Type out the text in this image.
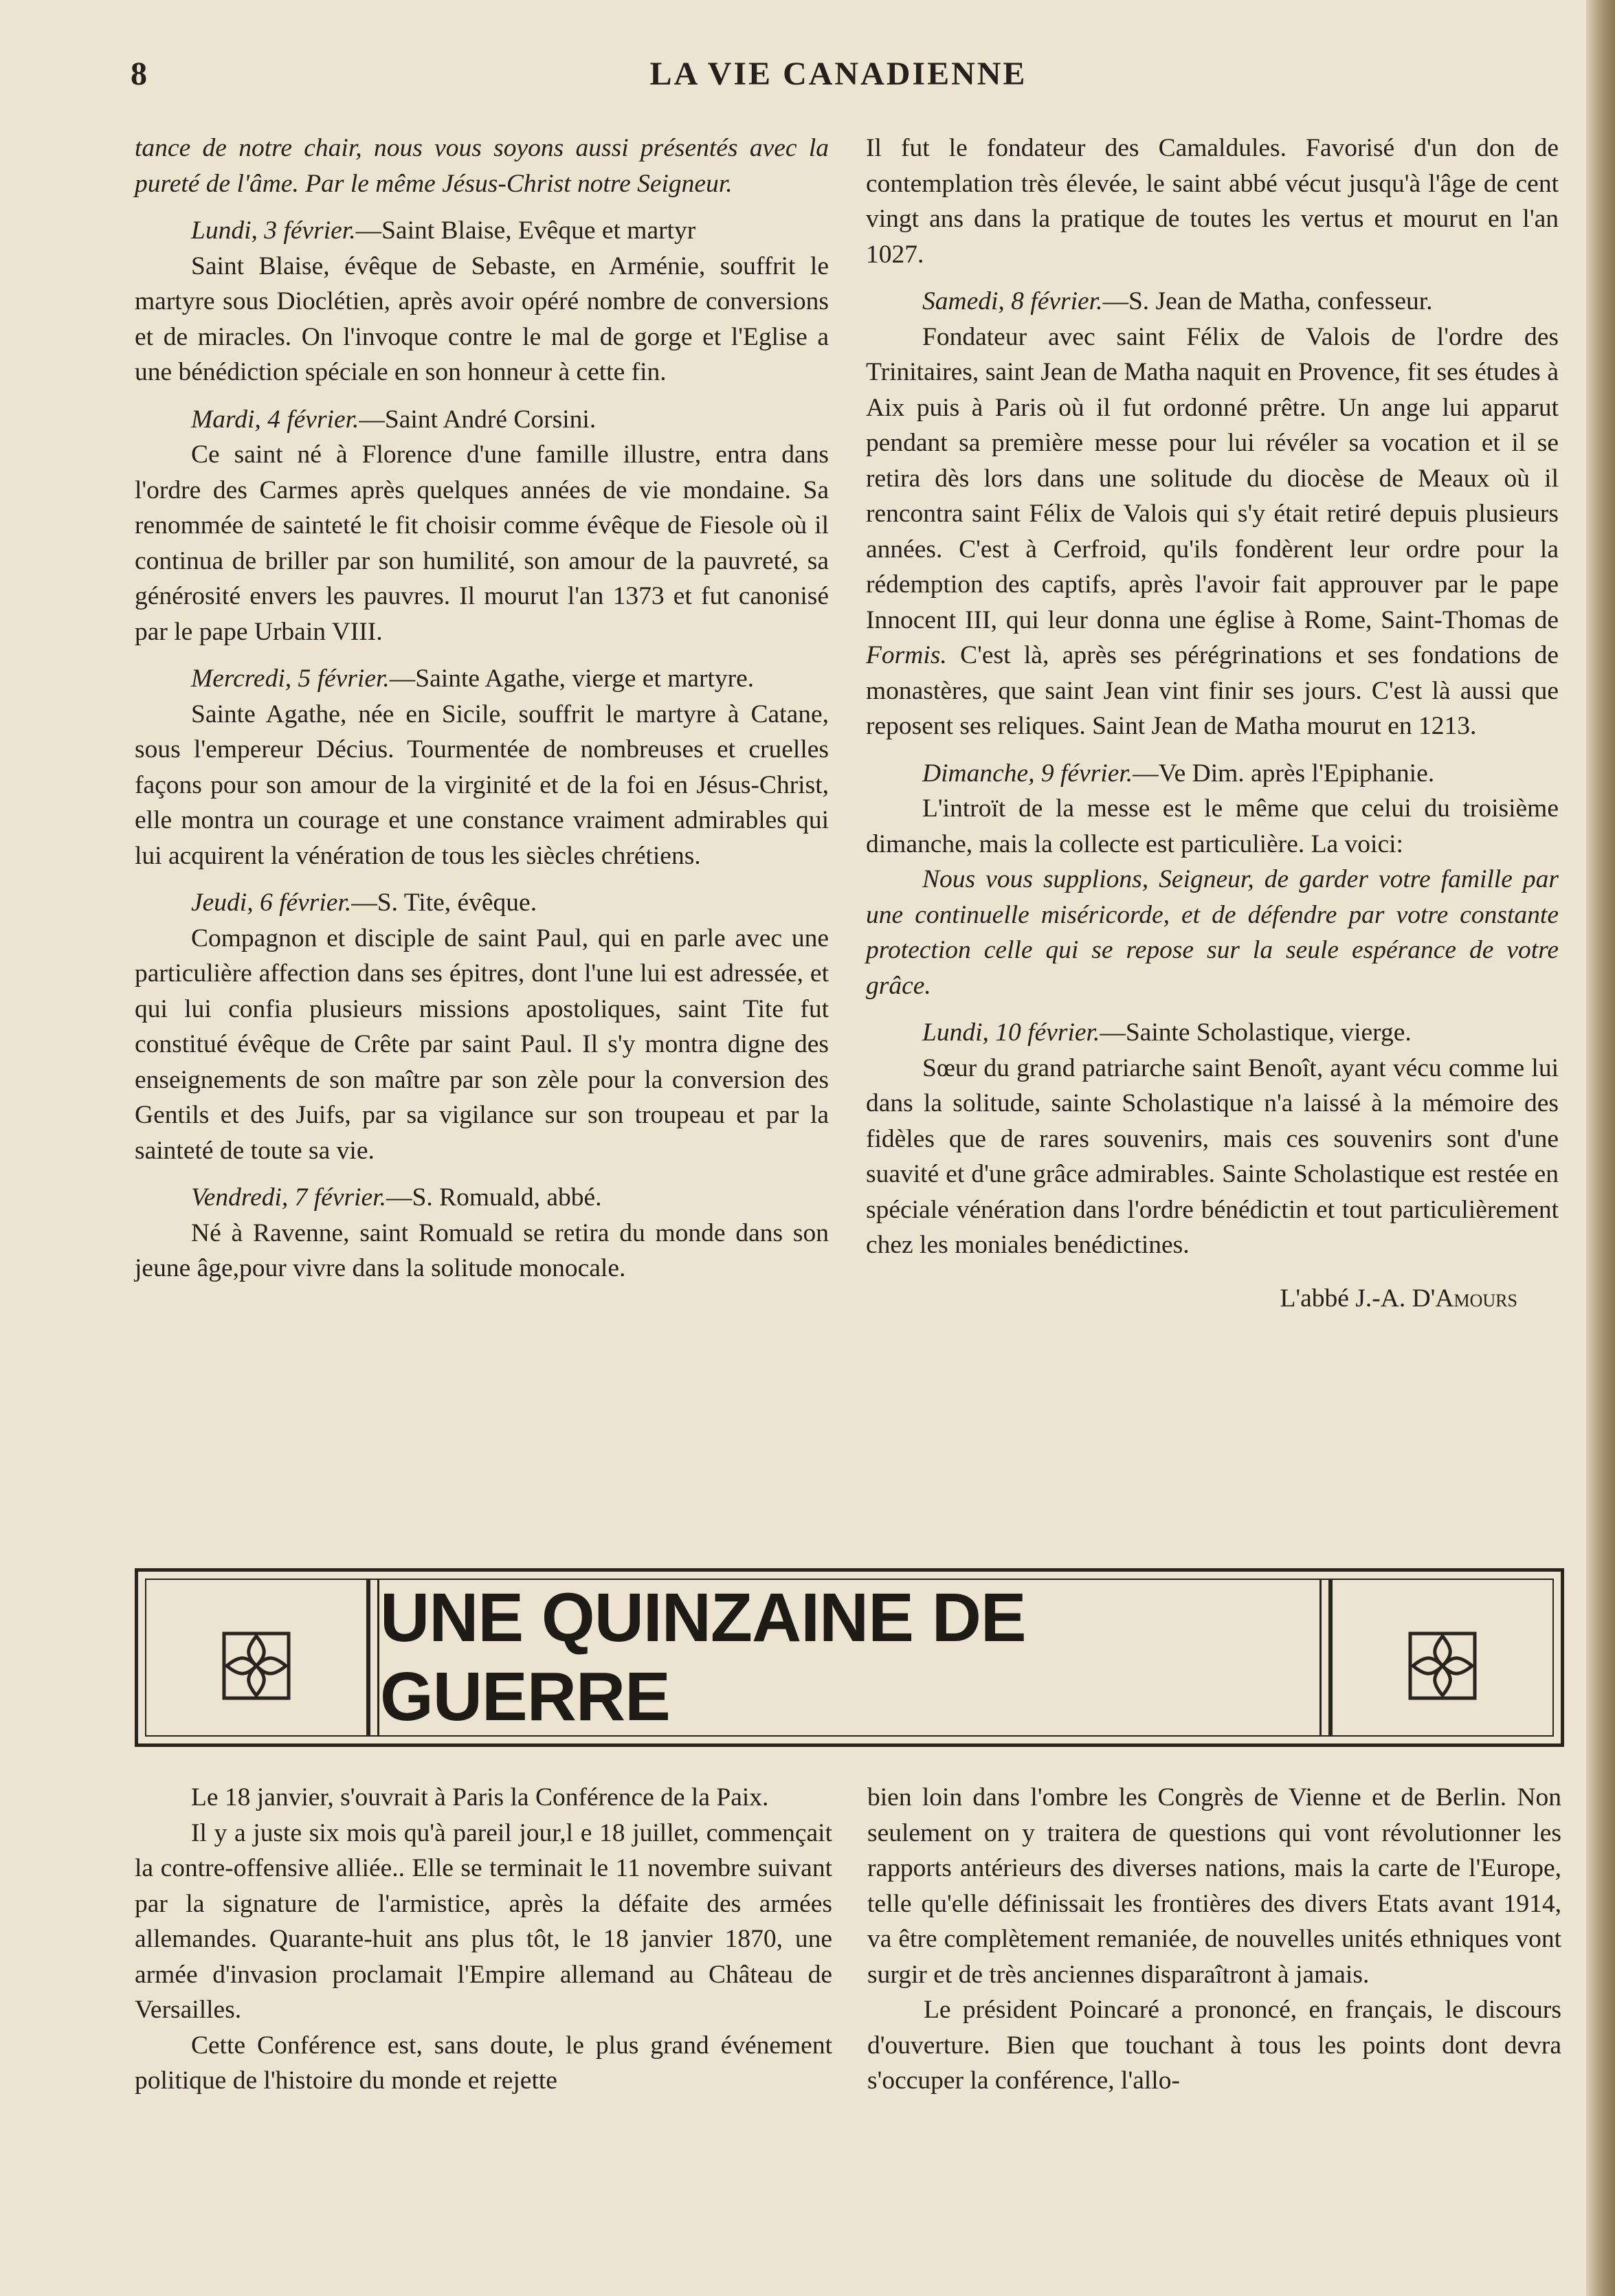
8	LA VIE CANADIENNE

tance de notre chair, nous vous soyons aussi présentés avec la pureté de l'âme. Par le même Jésus-Christ notre Seigneur.

Lundi, 3 février.—Saint Blaise, Evêque et martyr

Saint Blaise, évêque de Sebaste, en Arménie, souffrit le martyre sous Dioclétien, après avoir opéré nombre de conversions et de miracles. On l'invoque contre le mal de gorge et l'Eglise a une bénédiction spéciale en son honneur à cette fin.

Mardi, 4 février.—Saint André Corsini.

Ce saint né à Florence d'une famille illustre, entra dans l'ordre des Carmes après quelques années de vie mondaine. Sa renommée de sainteté le fit choisir comme évêque de Fiesole où il continua de briller par son humilité, son amour de la pauvreté, sa générosité envers les pauvres. Il mourut l'an 1373 et fut canonisé par le pape Urbain VIII.

Mercredi, 5 février.—Sainte Agathe, vierge et martyre.

Sainte Agathe, née en Sicile, souffrit le martyre à Catane, sous l'empereur Décius. Tourmentée de nombreuses et cruelles façons pour son amour de la virginité et de la foi en Jésus-Christ, elle montra un courage et une constance vraiment admirables qui lui acquirent la vénération de tous les siècles chrétiens.

Jeudi, 6 février.—S. Tite, évêque.

Compagnon et disciple de saint Paul, qui en parle avec une particulière affection dans ses épitres, dont l'une lui est adressée, et qui lui confia plusieurs missions apostoliques, saint Tite fut constitué évêque de Crête par saint Paul. Il s'y montra digne des enseignements de son maître par son zèle pour la conversion des Gentils et des Juifs, par sa vigilance sur son troupeau et par la sainteté de toute sa vie.

Vendredi, 7 février.—S. Romuald, abbé.

Né à Ravenne, saint Romuald se retira du monde dans son jeune âge,pour vivre dans la solitude monocale.

Il fut le fondateur des Camaldules. Favorisé d'un don de contemplation très élevée, le saint abbé vécut jusqu'à l'âge de cent vingt ans dans la pratique de toutes les vertus et mourut en l'an 1027.

Samedi, 8 février.—S. Jean de Matha, confesseur.

Fondateur avec saint Félix de Valois de l'ordre des Trinitaires, saint Jean de Matha naquit en Provence, fit ses études à Aix puis à Paris où il fut ordonné prêtre. Un ange lui apparut pendant sa première messe pour lui révéler sa vocation et il se retira dès lors dans une solitude du diocèse de Meaux où il rencontra saint Félix de Valois qui s'y était retiré depuis plusieurs années. C'est à Cerfroid, qu'ils fondèrent leur ordre pour la rédemption des captifs, après l'avoir fait approuver par le pape Innocent III, qui leur donna une église à Rome, Saint-Thomas de Formis. C'est là, après ses pérégrinations et ses fondations de monastères, que saint Jean vint finir ses jours. C'est là aussi que reposent ses reliques. Saint Jean de Matha mourut en 1213.

Dimanche, 9 février.—Ve Dim. après l'Epiphanie.

L'introït de la messe est le même que celui du troisième dimanche, mais la collecte est particulière. La voici:

Nous vous supplions, Seigneur, de garder votre famille par une continuelle miséricorde, et de défendre par votre constante protection celle qui se repose sur la seule espérance de votre grâce.

Lundi, 10 février.—Sainte Scholastique, vierge.

Sœur du grand patriarche saint Benoît, ayant vécu comme lui dans la solitude, sainte Scholastique n'a laissé à la mémoire des fidèles que de rares souvenirs, mais ces souvenirs sont d'une suavité et d'une grâce admirables. Sainte Scholastique est restée en spéciale vénération dans l'ordre bénédictin et tout particulièrement chez les moniales benédictines.

L'abbé J.-A. D'Amours

UNE QUINZAINE DE GUERRE

Le 18 janvier, s'ouvrait à Paris la Conférence de la Paix.

Il y a juste six mois qu'à pareil jour,l e 18 juillet, commençait la contre-offensive alliée.. Elle se terminait le 11 novembre suivant par la signature de l'armistice, après la défaite des armées allemandes. Quarante-huit ans plus tôt, le 18 janvier 1870, une armée d'invasion proclamait l'Empire allemand au Château de Versailles.

Cette Conférence est, sans doute, le plus grand événement politique de l'histoire du monde et rejette

bien loin dans l'ombre les Congrès de Vienne et de Berlin. Non seulement on y traitera de questions qui vont révolutionner les rapports antérieurs des diverses nations, mais la carte de l'Europe, telle qu'elle définissait les frontières des divers Etats avant 1914, va être complètement remaniée, de nouvelles unités ethniques vont surgir et de très anciennes disparaîtront à jamais.

Le président Poincaré a prononcé, en français, le discours d'ouverture. Bien que touchant à tous les points dont devra s'occuper la conférence, l'allo-
